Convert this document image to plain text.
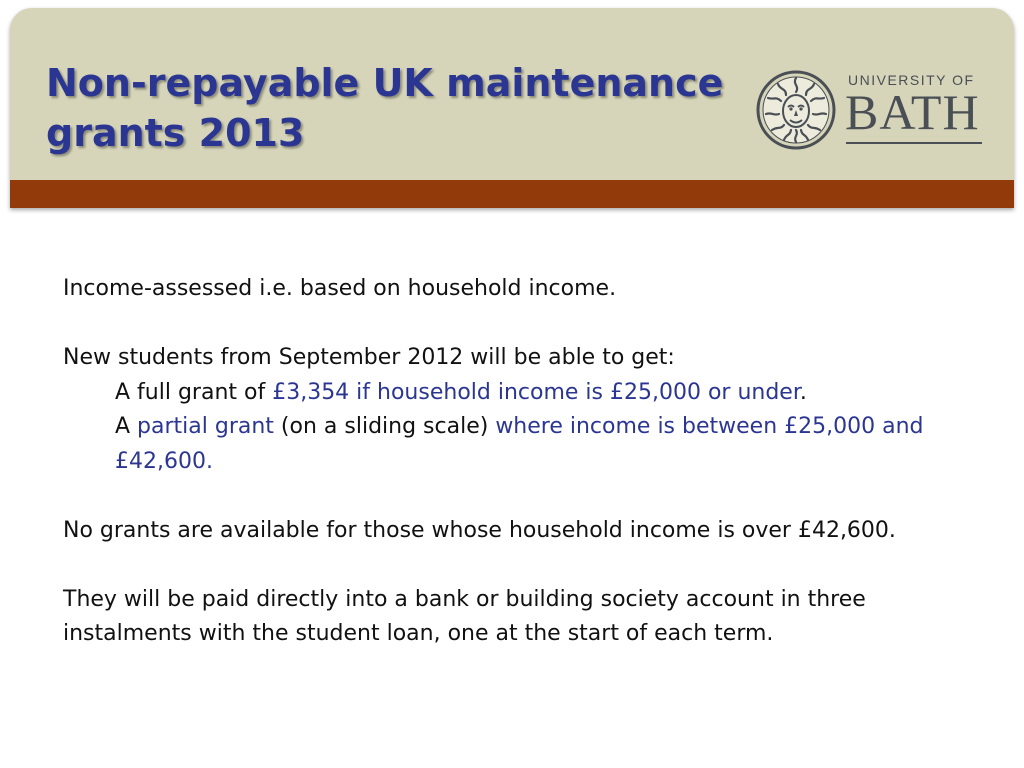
Non-repayable UK maintenance grants 2013
UNIVERSITY OF
BATH

Income-assessed i.e. based on household income.

New students from September 2012 will be able to get:

A full grant of £3,354 if household income is £25,000 or under.

A partial grant (on a sliding scale) where income is between £25,000 and £42,600.

No grants are available for those whose household income is over £42,600.

They will be paid directly into a bank or building society account in three instalments with the student loan, one at the start of each term.
